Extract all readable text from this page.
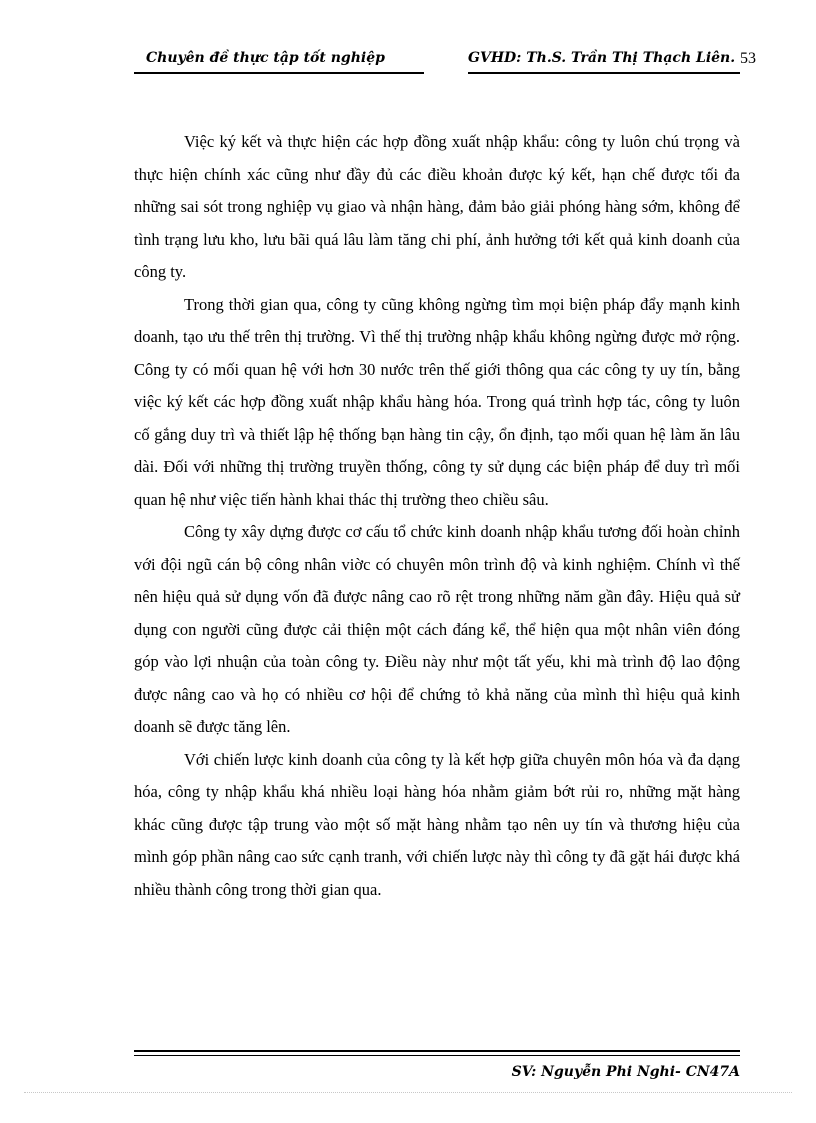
Chuyên đề thực tập tốt nghiệp	GVHD: Th.S. Trần Thị Thạch Liên. 53

Việc ký kết và thực hiện các hợp đồng xuất nhập khẩu: công ty luôn chú trọng và thực hiện chính xác cũng như đầy đủ các điều khoản được ký kết, hạn chế được tối đa những sai sót trong nghiệp vụ giao và nhận hàng, đảm bảo giải phóng hàng sớm, không để tình trạng lưu kho, lưu bãi quá lâu làm tăng chi phí, ảnh hưởng tới kết quả kinh doanh của công ty.

Trong thời gian qua, công ty cũng không ngừng tìm mọi biện pháp đẩy mạnh kinh doanh, tạo ưu thế trên thị trường. Vì thế thị trường nhập khẩu không ngừng được mở rộng. Công ty có mối quan hệ với hơn 30 nước trên thế giới thông qua các công ty uy tín, bằng việc ký kết các hợp đồng xuất nhập khẩu hàng hóa. Trong quá trình hợp tác, công ty luôn cố gắng duy trì và thiết lập hệ thống bạn hàng tin cậy, ổn định, tạo mối quan hệ làm ăn lâu dài. Đối với những thị trường truyền thống, công ty sử dụng các biện pháp để duy trì mối quan hệ như việc tiến hành khai thác thị trường theo chiều sâu.

Công ty xây dựng được cơ cấu tổ chức kinh doanh nhập khẩu tương đối hoàn chỉnh với đội ngũ cán bộ công nhân viờc có chuyên môn trình độ và kinh nghiệm. Chính vì thế nên hiệu quả sử dụng vốn đã được nâng cao rõ rệt trong những năm gần đây. Hiệu quả sử dụng con người cũng được cải thiện một cách đáng kể, thể hiện qua một nhân viên đóng góp vào lợi nhuận của toàn công ty. Điều này như một tất yếu, khi mà trình độ lao động được nâng cao và họ có nhiều cơ hội để chứng tỏ khả năng của mình thì hiệu quả kinh doanh sẽ được tăng lên.

Với chiến lược kinh doanh của công ty là kết hợp giữa chuyên môn hóa và đa dạng hóa, công ty nhập khẩu khá nhiều loại hàng hóa nhằm giảm bớt rủi ro, những mặt hàng khác cũng được tập trung vào một số mặt hàng nhằm tạo nên uy tín và thương hiệu của mình góp phần nâng cao sức cạnh tranh, với chiến lược này thì công ty đã gặt hái được khá nhiều thành công trong thời gian qua.

SV: Nguyễn Phi Nghi- CN47A
